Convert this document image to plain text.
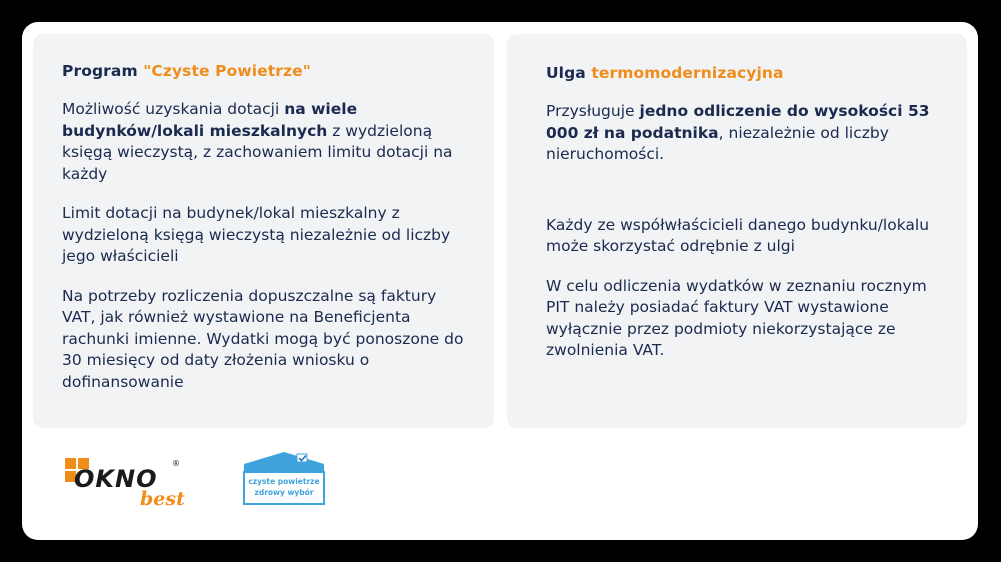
Program "Czyste Powietrze"

Możliwość uzyskania dotacji na wiele budynków/lokali mieszkalnych z wydzieloną księgą wieczystą, z zachowaniem limitu dotacji na każdy

Limit dotacji na budynek/lokal mieszkalny z wydzieloną księgą wieczystą niezależnie od liczby jego właścicieli

Na potrzeby rozliczenia dopuszczalne są faktury VAT, jak również wystawione na Beneficjenta rachunki imienne. Wydatki mogą być ponoszone do 30 miesięcy od daty złożenia wniosku o dofinansowanie

Ulga termomodernizacyjna

Przysługuje jedno odliczenie do wysokości 53 000 zł na podatnika, niezależnie od liczby nieruchomości.

Każdy ze współwłaścicieli danego budynku/lokalu może skorzystać odrębnie z ulgi

W celu odliczenia wydatków w zeznaniu rocznym PIT należy posiadać faktury VAT wystawione wyłącznie przez podmioty niekorzystające ze zwolnienia VAT.

OKNO
®
best
czyste powietrze
zdrowy wybór
